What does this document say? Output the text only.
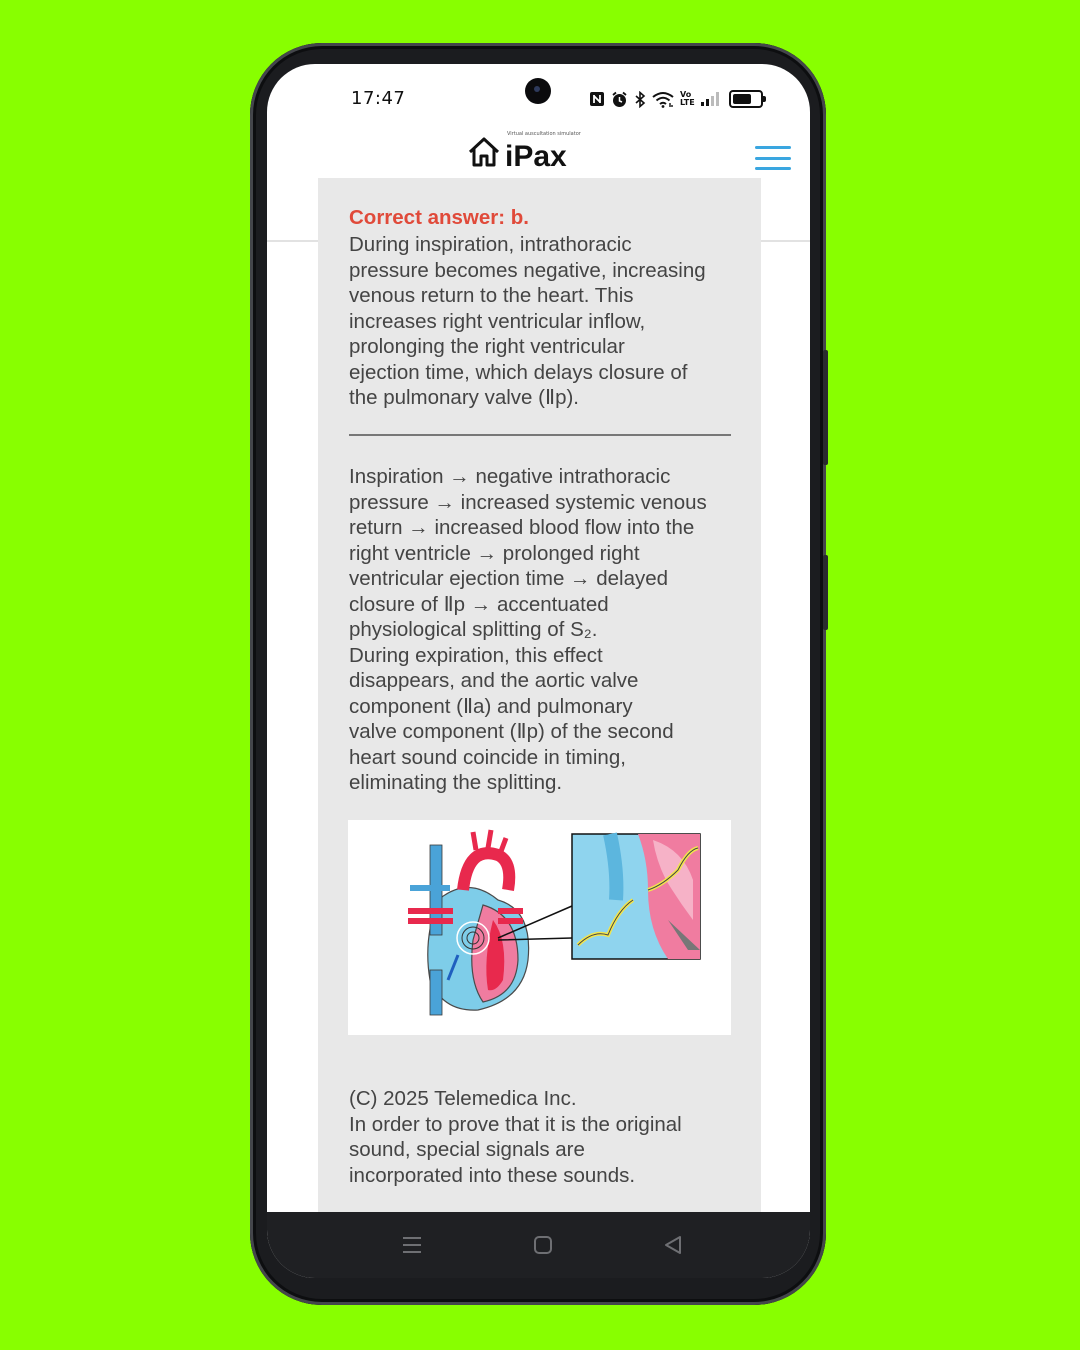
17:47	Vo
LTE
Virtual auscultation simulator
iPax
Correct answer: b.

During inspiration, intrathoracic
pressure becomes negative, increasing
venous return to the heart. This
increases right ventricular inflow,
prolonging the right ventricular
ejection time, which delays closure of
the pulmonary valve (Ⅱp).

Inspiration → negative intrathoracic
pressure → increased systemic venous
return → increased blood flow into the
right ventricle → prolonged right
ventricular ejection time → delayed
closure of Ⅱp → accentuated
physiological splitting of S₂.
During expiration, this effect
disappears, and the aortic valve
component (Ⅱa) and pulmonary
valve component (Ⅱp) of the second
heart sound coincide in timing,
eliminating the splitting.

(C) 2025 Telemedica Inc.

In order to prove that it is the original
sound, special signals are
incorporated into these sounds.
